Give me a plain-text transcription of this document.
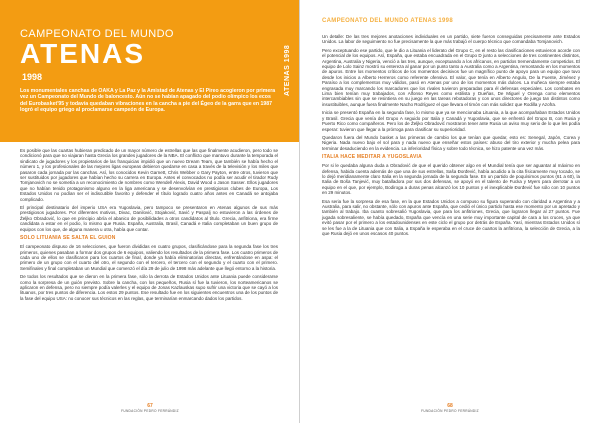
CAMPEONATO DEL MUNDO
ATENAS
1998	ATENAS 1998
Los monumentales canchas de OAKA y La Paz y la Amistad de Atenas y El Pireo acogieron por primera vez un Campeonato del Mundo de baloncesto. Aún no se habían apagado del podio olímpico los ecos del Eurobasket'95 y todavía quedaban vibraciones en la cancha a pie del Égeo de la garra que en 1987 logró el equipo griego al proclamarse campeón de Europa.

Es posible que las cuartas hubieran predicado de un mayor número de estrellas que las que finalmente acudieron, pero todo se condicionó para que no viajaran hasta Grecia los grandes jugadores de la NBA. El conflicto que mantuvo durante la temporada el sindicato de jugadores y los propietarios de las franquicias impidió que un nuevo Dream Team, que también se había hecho el número 1, y los profesionales de las mejores ligas europeas debieron quedarse en casa a través de la televisión y los miles que pasaron cada jornada por las canchas. Así, los conocidos Kevin Garnett, Chris Webber o Gary Payton, entre otros, tuvieron que ser sustituidos por jugadores que habían hecho su carrera en Europa. Antes el convocados no podía ser acudir el tirador Rudy Tomjanovich no se sometía a un reconocimiento de nombres como Wendell Alexis, David Wood o Jason Sasser. Ellos jugadores que no habían tenido protagonismo alguno en la liga americana y se desenvolvían en prestigiosos clubes de Europa, Los Estados Unidos no podían ser el indiscutible favorito y defender el título logrado cuatro años antes en Canadá se antojaba complicado.

El principal destinatario del imperio USA era Yugoslavia, pero tampoco se presentaron en Atenas algunos de sus más prestigiosos jugadores. Por diferentes motivos, Divac, Danilović, Stojaković, Savić y Paspalj no estuvieron a las órdenes de Željko Obradović, lo que en principio abría el abanico de posibilidades a otros candidatos al título. Grecia, anfitriona, era firme candidata a estar en el podio, lo mismo que Rusia. España, Australia, Brasil, Canadá e Italia completaban un buen grupo de equipos con los que, de alguna manera u otra, había que contar.

SOLO LITUANIA SE SALTA EL GUION

El campeonato dispuso de 16 selecciones, que fueron divididas en cuatro grupos, clasificándose para la segunda fase los tres primeros, quienes pasaban a formar dos grupos de 6 equipos, valiendo los resultados de la primera fase. Los cuatro primeros de cada uno de ellos se clasificaron para los cuartos de final, donde ya había eliminatorias directas, enfrentándose en aspa: el primero de un grupo con el cuarto del otro, el segundo con el tercero, el tercero con el segundo y el cuarto con el primero. Semifinales y final completaban un Mundial que comenzó el día 29 de julio de 1998 más adelante que llegó entorno a la historia.

De todos los resultados que se dieron en la primera fase, sólo la derrota de Estados Unidos ante Lituania puede considerarse como la sorpresa de un guión previsto. Sobre la cancha, con los pequeños, Rusia sí fue la tuvieron, los norteamericanos se aplicaron en defensa, pero no siempre podía valerles y el equipo de Jonas Kazlauskas supo sufrir una victoria que se cayó a los lituanos, por tres puntos de diferencia. Los estos 29 puntos. Ese resultado fue en los siguientes encuentros una de los puntos de la fase del equipo USA: no conocer sus técnicos en las reglas, que terminarían enmarcando dados los partidos.

67
FUNDACIÓN PEDRO FERRÁNDIZ
CAMPEONATO DEL MUNDO ATENAS 1998

Un detalle: De las tres mejores anotaciones individuales en un partido, siete fueron conseguidas precisamente ante Estados Unidos. La labor de seguimiento no fue precisamente la que más trabajó el cuerpo técnico que comandaba Tomjanovich.

Pero exceptuando ese partido, que le dio a Lituania el liderato del Grupo C, en el resto las clasificaciones estuvieron acorde con el potencial de los equipos. Así, España, que estaba encuadrada en el Grupo D junto a selecciones de tres continentes distintos, Argentina, Australia y Nigeria, venció a las tres, aunque, exceptuando a los africanos, en partidos tremendamente competidos. El equipo de Lolo Sainz mostró su entereza al ganar por un punto tanto a Australia como a Argentina, remontando en los momentos de apuros. Entre los momentos críticos de los momentos decisivos fue un magnífico punto de apoyo para un equipo que tuvo desde los inicios a Alberto Herreros como referente ofensivo. El valor, que tenía en Alberto Angulo, De la Fuente, Jiménez y Paraíso a los complementos muy válidos, pasó en Atenas por uno de los momentos más dulces. La muñeca siempre estaba engrasada muy marcando los marcadores que los rivales tuvieron preparadas para él defensas especiales. Los combates en Lima bien tenían muy trabajados, con Alfonso Reyes como estilista y Dueñas, De Miguel y Orenga como elementos intercambiables sin que se resintiera en su juego en las tareas rebotadoras y con unos directores de juego tan distintos como insustituibles, aunque fuera finalmente Nacho Rodríguez el que llevara el timón con más solidez que Rodilla y Azofra.

Inicia se presentó España en la segunda fase, lo mismo que ya se mencionaba Lituania, a la que acompañaban Estados Unidos y Brasil. Grecia que venía del Grupo A seguido por Italia y Canadá y Yugoslavia, que se enfrentó del Grupo B, con Rusia y Puerto Rico como compañeros. Pero los de Željko Obradović mostraron tener ante Rusia un aviso muy serio de lo que les podía esperar: tuvieron que llegar a la prórroga para clasificar su superioridad.

Quedaron fuera del Mundo basket a las primeras de cambio los que tenían que quedar, esto es: Senegal, Japón, Corea y Nigeria. Nada nuevo bajo el sol para y nada nuevo que enseñar estos países: abuso del tiro exterior y mucha pelea para terminar desaduciendo en la evidencia. La inferioridad física y sobre todo técnica, se hizo patente una vez más.

ITALIA HACE MEDITAR A YUGOSLAVIA

Por si le quedaba alguna duda a Obradović de que el querido obtener algo en el Mundial tenía que ser aguantar al máximo en defensa, habida cuenta además de que una de sus estrellas, Saša Đorđević, había acudido a la cita físicamente muy tocado, se lo dejó meridianamente claro Italia en la segunda jornada de la segunda fase. En un partido de poquísimos puntos (61 a 60), la Italia de Boša Tanjević, muy batalladora por sus dos defensas, se apoyó en el talento de Fucka y Myers para derrotar a un equipo en el que, por ejemplo, Bodiroga a duras penas alcanzó los 10 puntos y el inexplicable Đorđević fue sólo con 10 puntos en 29 minutos.

Esa seria fue la sorpresa de esa fase, en la que Estados Unidos a compuso su figura superando con claridad a Argentina y a Australia, para salir, no obstante, sólo con apuros ante España, que cedió el único partido hasta ese momento por un apretado y también al trabajo. Iba cuanto sobresalió Yugoslavia, que para los anfitriones, Grecia, que lograron llegar al 27 puntos. Fue jugada sobresaliente, se había quedado, España que vencía en una serie muy importante capital de cara a los cruces, ya que evitó pasar por el primero a los estadounidenses en este ciclo el grupo por detrás de España. Yasí, mientras Estados Unidos sí se les fue a la de Lituania que con Italia, a España le esperaba en el cruce de cuartos la anfitriona, la selección de Grecia, a la que Rusia dejó en unos escasos 40 puntos.

68
FUNDACIÓN PEDRO FERRÁNDIZ
